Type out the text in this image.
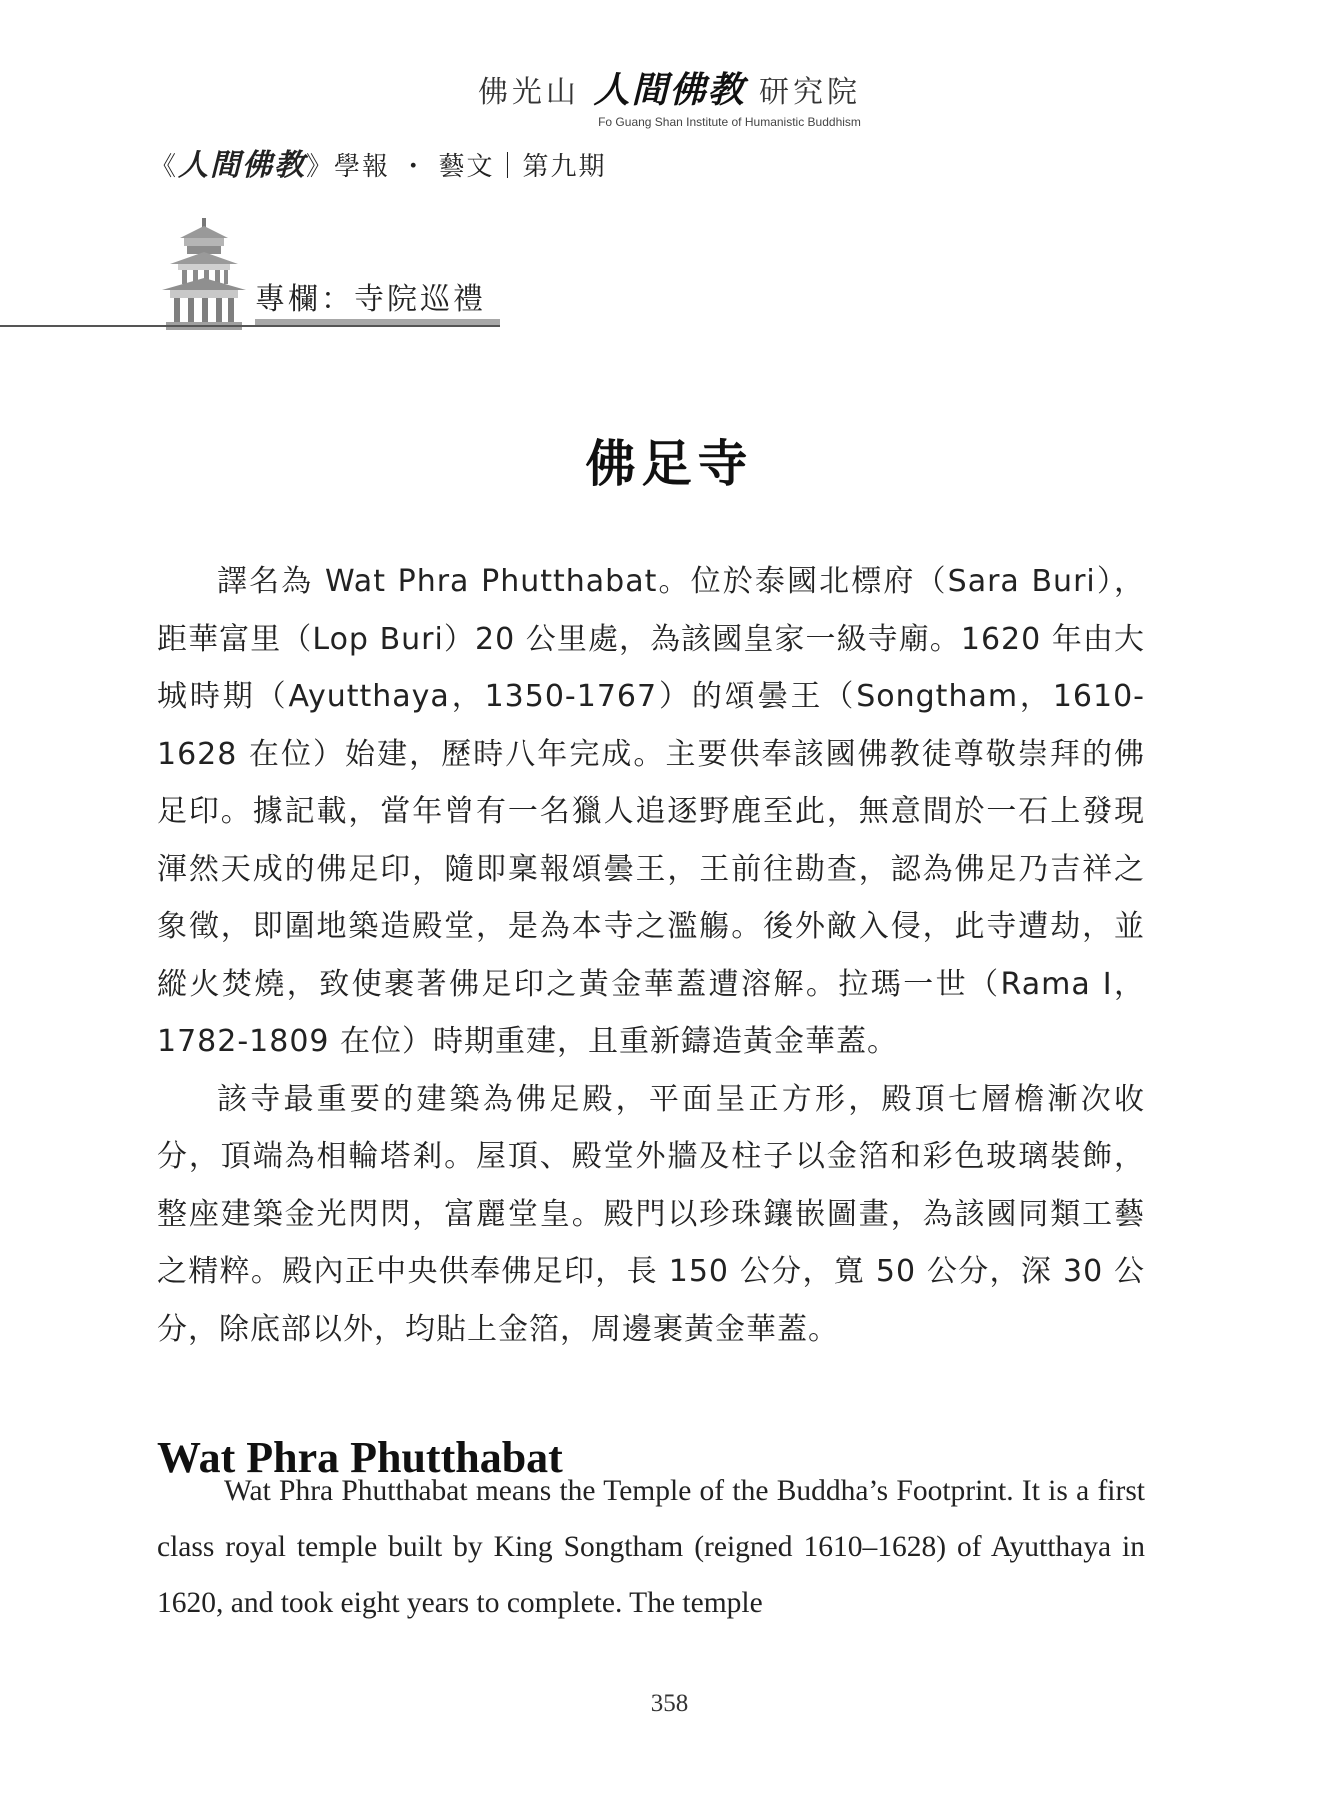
佛光山 人間佛教 研究院
Fo Guang Shan Institute of Humanistic Buddhism
《人間佛教》學報 ・ 藝文｜第九期
專欄：寺院巡禮
佛足寺

譯名為 Wat Phra Phutthabat。位於泰國北標府（Sara Buri），距華富里（Lop Buri）20 公里處，為該國皇家一級寺廟。1620 年由大城時期（Ayutthaya，1350-1767）的頌曇王（Songtham，1610-1628 在位）始建，歷時八年完成。主要供奉該國佛教徒尊敬崇拜的佛足印。據記載，當年曾有一名獵人追逐野鹿至此，無意間於一石上發現渾然天成的佛足印，隨即稟報頌曇王，王前往勘查，認為佛足乃吉祥之象徵，即圍地築造殿堂，是為本寺之濫觴。後外敵入侵，此寺遭劫，並縱火焚燒，致使裹著佛足印之黃金華蓋遭溶解。拉瑪一世（Rama I，1782-1809 在位）時期重建，且重新鑄造黃金華蓋。

該寺最重要的建築為佛足殿，平面呈正方形，殿頂七層檐漸次收分，頂端為相輪塔剎。屋頂、殿堂外牆及柱子以金箔和彩色玻璃裝飾，整座建築金光閃閃，富麗堂皇。殿門以珍珠鑲嵌圖畫，為該國同類工藝之精粹。殿內正中央供奉佛足印，長 150 公分，寬 50 公分，深 30 公分，除底部以外，均貼上金箔，周邊裹黃金華蓋。

Wat Phra Phutthabat

Wat Phra Phutthabat means the Temple of the Buddha’s Footprint. It is a first class royal temple built by King Songtham (reigned 1610–1628) of Ayutthaya in 1620, and took eight years to complete. The temple

358
